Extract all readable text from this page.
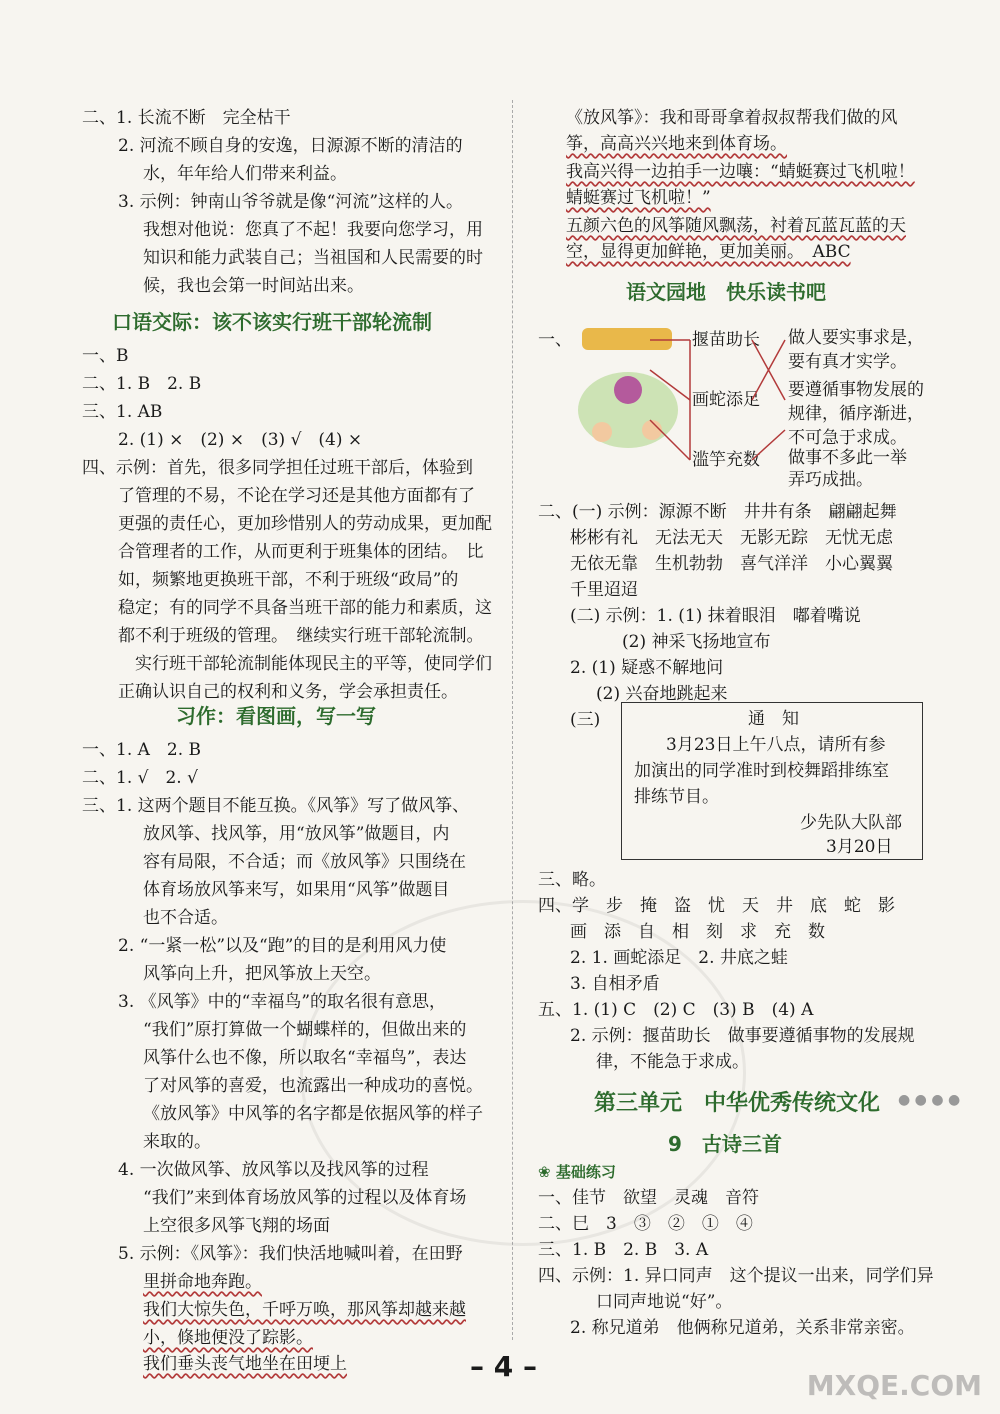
MXQE.COM
二、1. 长流不断　完全枯干
2. 河流不顾自身的安逸，日源源不断的清洁的
水，年年给人们带来利益。
3. 示例：钟南山爷爷就是像“河流”这样的人。
我想对他说：您真了不起！我要向您学习，用
知识和能力武装自己；当祖国和人民需要的时
候，我也会第一时间站出来。
口语交际：该不该实行班干部轮流制
一、B
二、1. B　2. B
三、1. AB
2. (1) ×　(2) ×　(3) √　(4) ×
四、示例：首先，很多同学担任过班干部后，体验到
了管理的不易，不论在学习还是其他方面都有了
更强的责任心，更加珍惜别人的劳动成果，更加配
合管理者的工作，从而更利于班集体的团结。　比
如，频繁地更换班干部，不利于班级“政局”的
稳定；有的同学不具备当班干部的能力和素质，这
都不利于班级的管理。　继续实行班干部轮流制。
实行班干部轮流制能体现民主的平等，使同学们
正确认识自己的权利和义务，学会承担责任。
习作：看图画，写一写
一、1. A　2. B
二、1. √　2. √
三、1. 这两个题目不能互换。《风筝》写了做风筝、
放风筝、找风筝，用“放风筝”做题目，内
容有局限，不合适；而《放风筝》只围绕在
体育场放风筝来写，如果用“风筝”做题目
也不合适。
2. “一紧一松”以及“跑”的目的是利用风力使
风筝向上升，把风筝放上天空。
3. 《风筝》中的“幸福鸟”的取名很有意思，
“我们”原打算做一个蝴蝶样的，但做出来的
风筝什么也不像，所以取名“幸福鸟”，表达
了对风筝的喜爱，也流露出一种成功的喜悦。
《放风筝》中风筝的名字都是依据风筝的样子
来取的。
4. 一次做风筝、放风筝以及找风筝的过程
“我们”来到体育场放风筝的过程以及体育场
上空很多风筝飞翔的场面
5. 示例：《风筝》：我们快活地喊叫着，在田野
里拼命地奔跑。
我们大惊失色，千呼万唤，那风筝却越来越
小，倏地便没了踪影。
我们垂头丧气地坐在田埂上
《放风筝》：我和哥哥拿着叔叔帮我们做的风
筝，高高兴兴地来到体育场。
我高兴得一边拍手一边嚷：“蜻蜓赛过飞机啦！
蜻蜓赛过飞机啦！”
五颜六色的风筝随风飘荡，衬着瓦蓝瓦蓝的天
空，显得更加鲜艳，更加美丽。　ABC
语文园地　快乐读书吧
一、	揠苗助长
画蛇添足
滥竽充数
做人要实事求是，
要有真才实学。
要遵循事物发展的
规律，循序渐进，
不可急于求成。
做事不多此一举
弄巧成拙。
二、(一) 示例：源源不断　井井有条　翩翩起舞
彬彬有礼　无法无天　无影无踪　无忧无虑
无依无靠　生机勃勃　喜气洋洋　小心翼翼
千里迢迢
(二) 示例：1. (1) 抹着眼泪　嘟着嘴说
(2) 神采飞扬地宣布
2. (1) 疑惑不解地问
(2) 兴奋地跳起来
(三)	通　知
3月23日上午八点，请所有参
加演出的同学准时到校舞蹈排练室
排练节目。
少先队大队部
3月20日
三、略。
四、学　步　掩　盗　忧　天　井　底　蛇　影
画　添　自　相　刻　求　充　数
2. 1. 画蛇添足　2. 井底之蛙
3. 自相矛盾
五、1. (1) C　(2) C　(3) B　(4) A
2. 示例：揠苗助长　做事要遵循事物的发展规
律，不能急于求成。
第三单元　中华优秀传统文化 ● ● ● ●
9　古诗三首
❀ 基础练习
一、佳节　欲望　灵魂　音符
二、巳　3　③　②　①　④
三、1. B　2. B　3. A
四、示例：1. 异口同声　这个提议一出来，同学们异
口同声地说“好”。
2. 称兄道弟　他俩称兄道弟，关系非常亲密。
– 4 –
